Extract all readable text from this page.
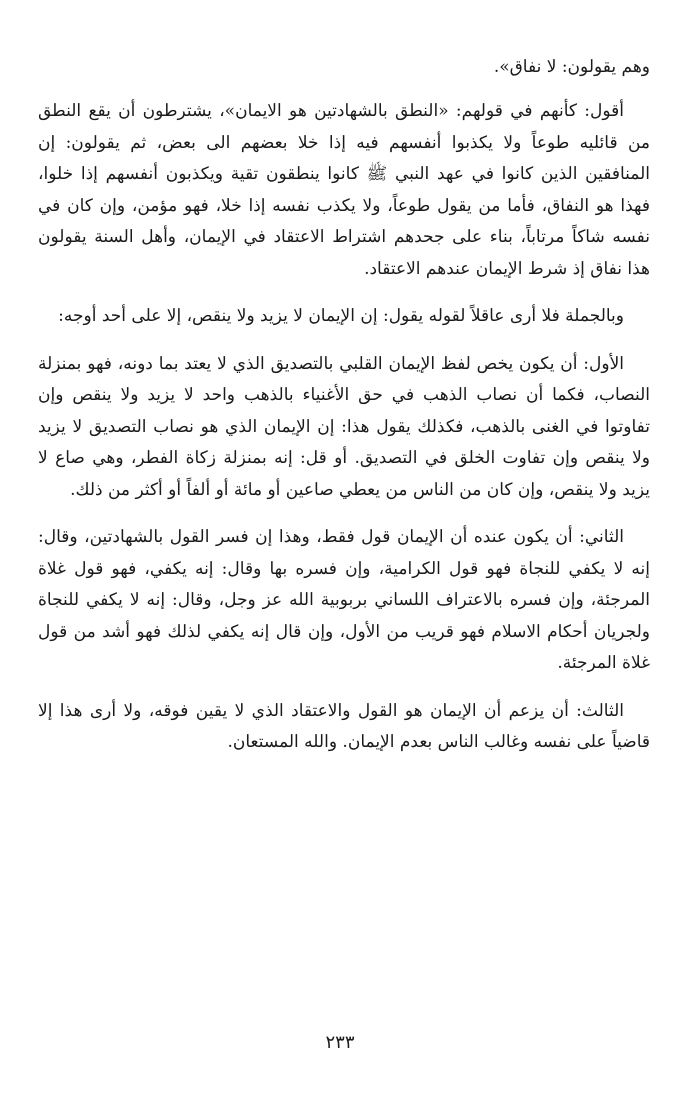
وهم يقولون: لا نفاق».

أقول: كأنهم في قولهم: «النطق بالشهادتين هو الايمان»، يشترطون أن يقع النطق من قائليه طوعاً ولا يكذبوا أنفسهم فيه إذا خلا بعضهم الى بعض، ثم يقولون: إن المنافقين الذين كانوا في عهد النبي ﷺ كانوا ينطقون تقية ويكذبون أنفسهم إذا خلوا، فهذا هو النفاق، فأما من يقول طوعاً، ولا يكذب نفسه إذا خلا، فهو مؤمن، وإن كان في نفسه شاكاً مرتاباً، بناء على جحدهم اشتراط الاعتقاد في الإيمان، وأهل السنة يقولون هذا نفاق إذ شرط الإيمان عندهم الاعتقاد.

وبالجملة فلا أرى عاقلاً لقوله يقول: إن الإيمان لا يزيد ولا ينقص، إلا على أحد أوجه:

الأول: أن يكون يخص لفظ الإيمان القلبي بالتصديق الذي لا يعتد بما دونه، فهو بمنزلة النصاب، فكما أن نصاب الذهب في حق الأغنياء بالذهب واحد لا يزيد ولا ينقص وإن تفاوتوا في الغنى بالذهب، فكذلك يقول هذا: إن الإيمان الذي هو نصاب التصديق لا يزيد ولا ينقص وإن تفاوت الخلق في التصديق. أو قل: إنه بمنزلة زكاة الفطر، وهي صاع لا يزيد ولا ينقص، وإن كان من الناس من يعطي صاعين أو مائة أو ألفاً أو أكثر من ذلك.

الثاني: أن يكون عنده أن الإيمان قول فقط، وهذا إن فسر القول بالشهادتين، وقال: إنه لا يكفي للنجاة فهو قول الكرامية، وإن فسره بها وقال: إنه يكفي، فهو قول غلاة المرجئة، وإن فسره بالاعتراف اللساني بربوبية الله عز وجل، وقال: إنه لا يكفي للنجاة ولجريان أحكام الاسلام فهو قريب من الأول، وإن قال إنه يكفي لذلك فهو أشد من قول غلاة المرجئة.

الثالث: أن يزعم أن الإيمان هو القول والاعتقاد الذي لا يقين فوقه، ولا أرى هذا إلا قاضياً على نفسه وغالب الناس بعدم الإيمان. والله المستعان.

٢٣٣
